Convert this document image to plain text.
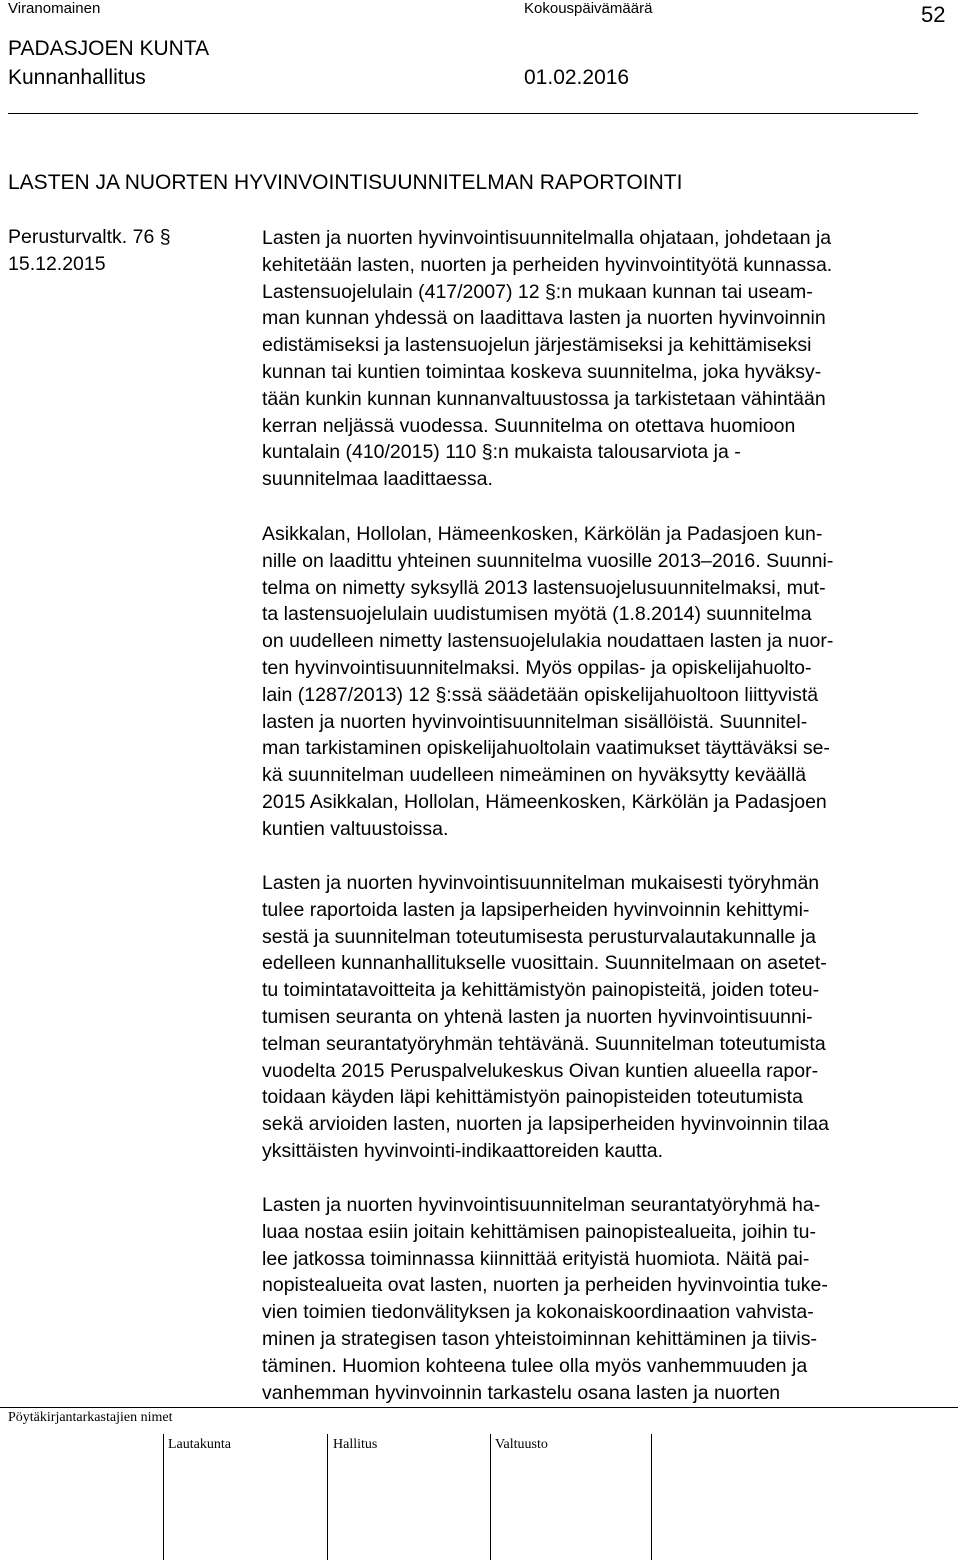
Viranomainen	Kokouspäivämäärä	52
PADASJOEN KUNTA
Kunnanhallitus	01.02.2016
LASTEN JA NUORTEN HYVINVOINTISUUNNITELMAN RAPORTOINTI
Perusturvaltk. 76 §
15.12.2015
Lasten ja nuorten hyvinvointisuunnitelmalla ohjataan, johdetaan ja
kehitetään lasten, nuorten ja perheiden hyvinvointityötä kunnassa.
Lastensuojelulain (417/2007) 12 §:n mukaan kunnan tai useam-
man kunnan yhdessä on laadittava lasten ja nuorten hyvinvoinnin
edistämiseksi ja lastensuojelun järjestämiseksi ja kehittämiseksi
kunnan tai kuntien toimintaa koskeva suunnitelma, joka hyväksy-
tään kunkin kunnan kunnanvaltuustossa ja tarkistetaan vähintään
kerran neljässä vuodessa. Suunnitelma on otettava huomioon
kuntalain (410/2015) 110 §:n mukaista talousarviota ja -
suunnitelmaa laadittaessa.
Asikkalan, Hollolan, Hämeenkosken, Kärkölän ja Padasjoen kun-
nille on laadittu yhteinen suunnitelma vuosille 2013–2016. Suunni-
telma on nimetty syksyllä 2013 lastensuojelusuunnitelmaksi, mut-
ta lastensuojelulain uudistumisen myötä (1.8.2014) suunnitelma
on uudelleen nimetty lastensuojelulakia noudattaen lasten ja nuor-
ten hyvinvointisuunnitelmaksi. Myös oppilas- ja opiskelijahuolto-
lain (1287/2013) 12 §:ssä säädetään opiskelijahuoltoon liittyvistä
lasten ja nuorten hyvinvointisuunnitelman sisällöistä. Suunnitel-
man tarkistaminen opiskelijahuoltolain vaatimukset täyttäväksi se-
kä suunnitelman uudelleen nimeäminen on hyväksytty keväällä
2015 Asikkalan, Hollolan, Hämeenkosken, Kärkölän ja Padasjoen
kuntien valtuustoissa.
Lasten ja nuorten hyvinvointisuunnitelman mukaisesti työryhmän
tulee raportoida lasten ja lapsiperheiden hyvinvoinnin kehittymi-
sestä ja suunnitelman toteutumisesta perusturvalautakunnalle ja
edelleen kunnanhallitukselle vuosittain. Suunnitelmaan on asetet-
tu toimintatavoitteita ja kehittämistyön painopisteitä, joiden toteu-
tumisen seuranta on yhtenä lasten ja nuorten hyvinvointisuunni-
telman seurantatyöryhmän tehtävänä. Suunnitelman toteutumista
vuodelta 2015 Peruspalvelukeskus Oivan kuntien alueella rapor-
toidaan käyden läpi kehittämistyön painopisteiden toteutumista
sekä arvioiden lasten, nuorten ja lapsiperheiden hyvinvoinnin tilaa
yksittäisten hyvinvointi-indikaattoreiden kautta.
Lasten ja nuorten hyvinvointisuunnitelman seurantatyöryhmä ha-
luaa nostaa esiin joitain kehittämisen painopistealueita, joihin tu-
lee jatkossa toiminnassa kiinnittää erityistä huomiota. Näitä pai-
nopistealueita ovat lasten, nuorten ja perheiden hyvinvointia tuke-
vien toimien tiedonvälityksen ja kokonaiskoordinaation vahvista-
minen ja strategisen tason yhteistoiminnan kehittäminen ja tiivis-
täminen. Huomion kohteena tulee olla myös vanhemmuuden ja
vanhemman hyvinvoinnin tarkastelu osana lasten ja nuorten
Pöytäkirjantarkastajien nimet
Lautakunta	Hallitus	Valtuusto
